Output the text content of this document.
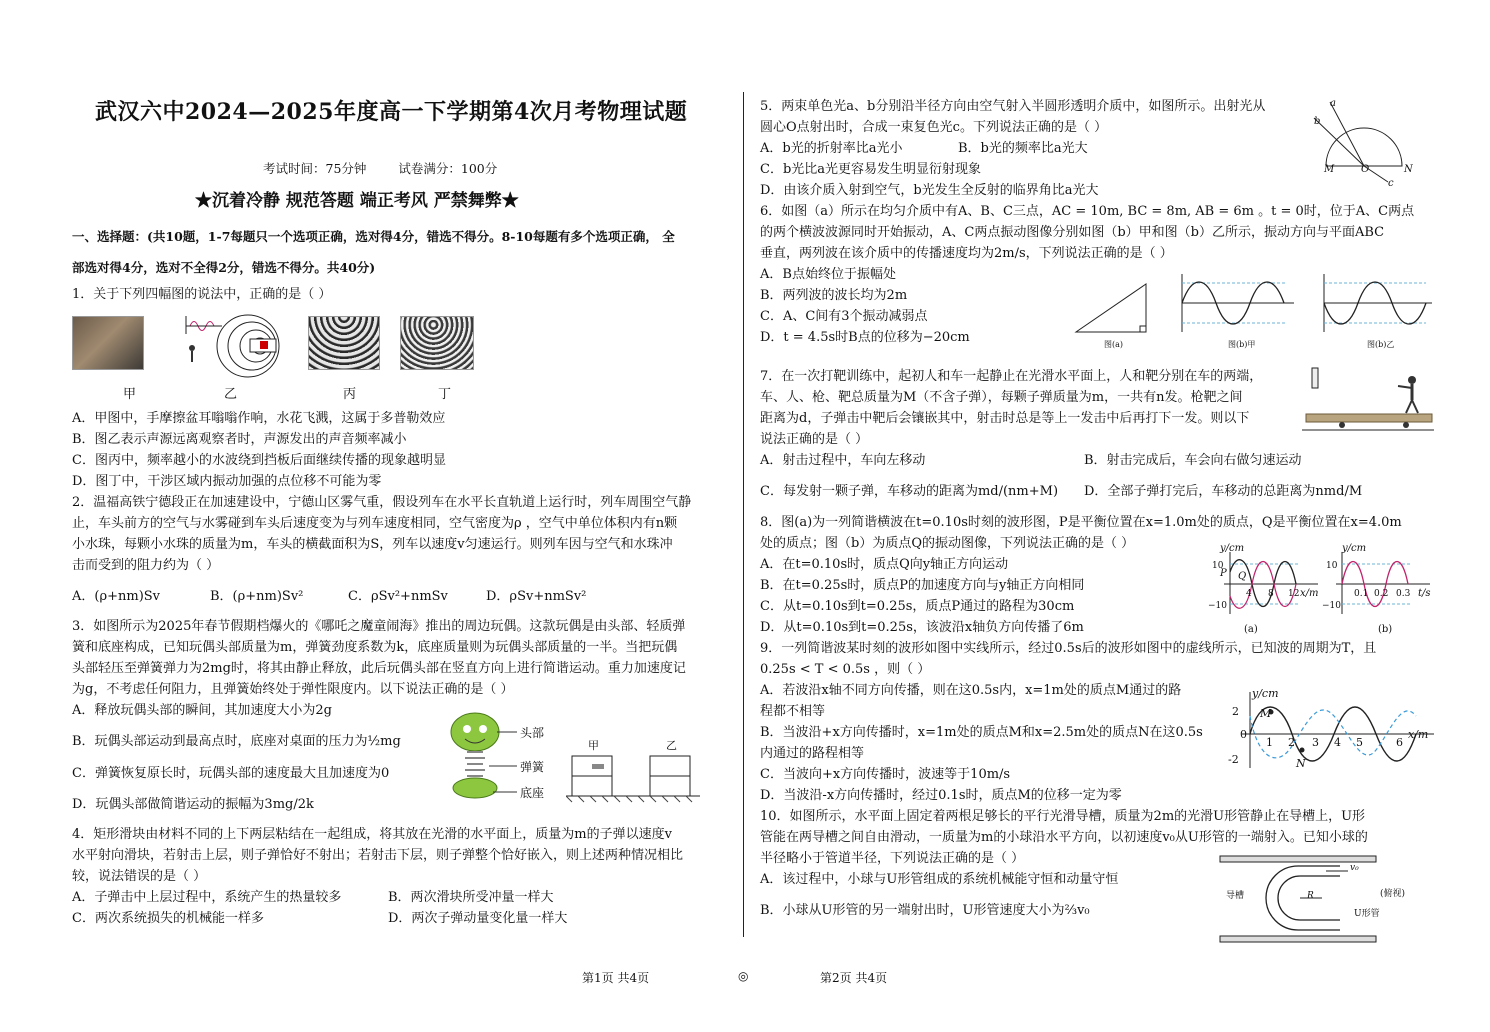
武汉六中2024—2025年度高一下学期第4次月考物理试题
考试时间：75分钟 试卷满分：100分
★沉着冷静 规范答题 端正考风 严禁舞弊★
一、选择题：(共10题，1-7每题只一个选项正确，选对得4分，错选不得分。8-10每题有多个选项正确， 全
部选对得4分，选对不全得2分，错选不得分。共40分)
1．关于下列四幅图的说法中，正确的是（ ）
甲	乙	丙	丁
A．甲图中，手摩擦盆耳嗡嗡作响，水花飞溅，这属于多普勒效应
B．图乙表示声源远离观察者时，声源发出的声音频率减小
C．图丙中，频率越小的水波绕到挡板后面继续传播的现象越明显
D．图丁中，干涉区域内振动加强的点位移不可能为零
2．温福高铁宁德段正在加速建设中，宁德山区雾气重，假设列车在水平长直轨道上运行时，列车周围空气静
止，车头前方的空气与水雾碰到车头后速度变为与列车速度相同，空气密度为ρ ，空气中单位体积内有n颗
小水珠，每颗小水珠的质量为m，车头的横截面积为S，列车以速度v匀速运行。则列车因与空气和水珠冲
击而受到的阻力约为（ ）
A．(ρ+nm)Sv	B．(ρ+nm)Sv²	C．ρSv²+nmSv	D．ρSv+nmSv²
3．如图所示为2025年春节假期档爆火的《哪吒之魔童闹海》推出的周边玩偶。这款玩偶是由头部、轻质弹
簧和底座构成，已知玩偶头部质量为m，弹簧劲度系数为k，底座质量则为玩偶头部质量的一半。当把玩偶
头部轻压至弹簧弹力为2mg时，将其由静止释放，此后玩偶头部在竖直方向上进行简谐运动。重力加速度记
为g，不考虑任何阻力，且弹簧始终处于弹性限度内。以下说法正确的是（ ）
A．释放玩偶头部的瞬间，其加速度大小为2g
B．玩偶头部运动到最高点时，底座对桌面的压力为½mg
C．弹簧恢复原长时，玩偶头部的速度最大且加速度为0
D．玩偶头部做简谐运动的振幅为3mg/2k
头部
弹簧
底座
甲	乙
4．矩形滑块由材料不同的上下两层粘结在一起组成，将其放在光滑的水平面上，质量为m的子弹以速度v
水平射向滑块，若射击上层，则子弹恰好不射出；若射击下层，则子弹整个恰好嵌入，则上述两种情况相比
较，说法错误的是（ ）
A．子弹击中上层过程中，系统产生的热量较多	B．两次滑块所受冲量一样大
C．两次系统损失的机械能一样多	D．两次子弹动量变化量一样大
5．两束单色光a、b分别沿半径方向由空气射入半圆形透明介质中，如图所示。出射光从
圆心O点射出时，合成一束复色光c。下列说法正确的是（ ）
A．b光的折射率比a光小	B．b光的频率比a光大
C．b光比a光更容易发生明显衍射现象
D．由该介质入射到空气，b光发生全反射的临界角比a光大
a
b
M	O	N
c
6．如图（a）所示在均匀介质中有A、B、C三点，AC = 10m, BC = 8m, AB = 6m 。t = 0时，位于A、C两点
的两个横波波源同时开始振动，A、C两点振动图像分别如图（b）甲和图（b）乙所示，振动方向与平面ABC
垂直，两列波在该介质中的传播速度均为2m/s，下列说法正确的是（ ）
A．B点始终位于振幅处
B．两列波的波长均为2m
C．A、C间有3个振动减弱点
D．t = 4.5s时B点的位移为−20cm	图(a)	图(b)甲	图(b)乙
7．在一次打靶训练中，起初人和车一起静止在光滑水平面上，人和靶分别在车的两端，
车、人、枪、靶总质量为M（不含子弹），每颗子弹质量为m，一共有n发。枪靶之间
距离为d，子弹击中靶后会镶嵌其中，射击时总是等上一发击中后再打下一发。则以下
说法正确的是（ ）
A．射击过程中，车向左移动	B．射击完成后，车会向右做匀速运动
C．每发射一颗子弹，车移动的距离为md/(nm+M) D．全部子弹打完后，车移动的总距离为nmd/M
8．图(a)为一列简谐横波在t=0.10s时刻的波形图，P是平衡位置在x=1.0m处的质点，Q是平衡位置在x=4.0m
处的质点；图（b）为质点Q的振动图像，下列说法正确的是（ ）
A．在t=0.10s时，质点Q向y轴正方向运动
B．在t=0.25s时，质点P的加速度方向与y轴正方向相同
C．从t=0.10s到t=0.25s，质点P通过的路程为30cm
D．从t=0.10s到t=0.25s，该波沿x轴负方向传播了6m
y/cm
x/m
10
−10
4 8 12
P Q
(a)
y/cm
t/s
10
−10
0.1 0.2 0.3
(b)
9．一列简谐波某时刻的波形如图中实线所示，经过0.5s后的波形如图中的虚线所示，已知波的周期为T，且
0.25s < T < 0.5s ，则（ ）
A．若波沿x轴不同方向传播，则在这0.5s内，x=1m处的质点M通过的路
程都不相等
B．当波沿+x方向传播时，x=1m处的质点M和x=2.5m处的质点N在这0.5s
内通过的路程相等
C．当波向+x方向传播时，波速等于10m/s
D．当波沿-x方向传播时，经过0.1s时，质点M的位移一定为零
y/cm
x/m
2
-2
0
1 2 3 4 5	6
M
N
10．如图所示，水平面上固定着两根足够长的平行光滑导槽，质量为2m的光滑U形管静止在导槽上，U形
管能在两导槽之间自由滑动，一质量为m的小球沿水平方向，以初速度v₀从U形管的一端射入。已知小球的
半径略小于管道半径，下列说法正确的是（ ）
A．该过程中，小球与U形管组成的系统机械能守恒和动量守恒
B．小球从U形管的另一端射出时，U形管速度大小为⅔v₀
导槽	R
v₀
U形管
(俯视)
第1页 共4页	◎	第2页 共4页
